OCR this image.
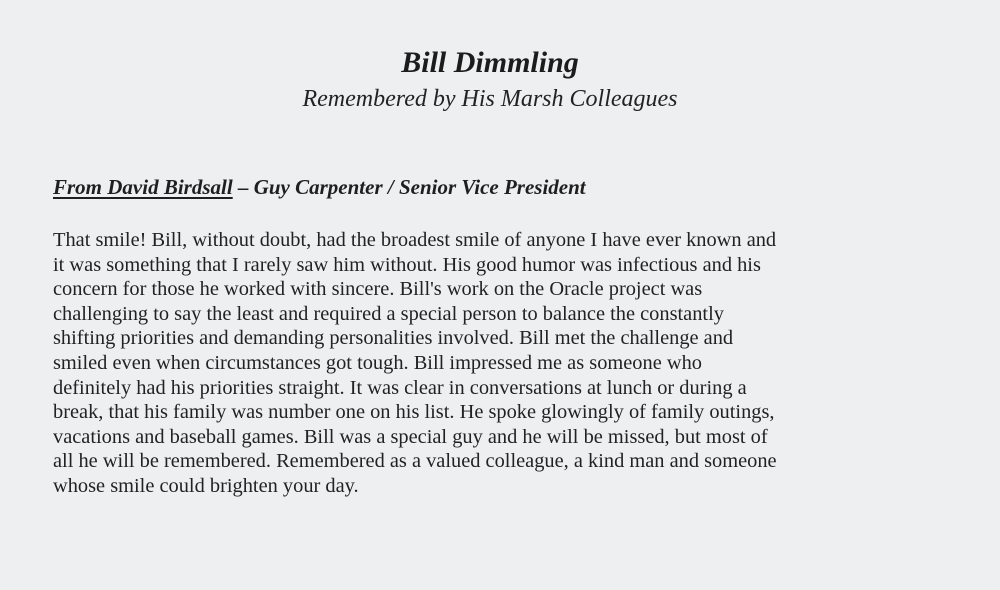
Bill Dimmling
Remembered by His Marsh Colleagues
From David Birdsall – Guy Carpenter / Senior Vice President
That smile! Bill, without doubt, had the broadest smile of anyone I have ever known and
it was something that I rarely saw him without. His good humor was infectious and his
concern for those he worked with sincere. Bill's work on the Oracle project was
challenging to say the least and required a special person to balance the constantly
shifting priorities and demanding personalities involved. Bill met the challenge and
smiled even when circumstances got tough. Bill impressed me as someone who
definitely had his priorities straight. It was clear in conversations at lunch or during a
break, that his family was number one on his list. He spoke glowingly of family outings,
vacations and baseball games. Bill was a special guy and he will be missed, but most of
all he will be remembered. Remembered as a valued colleague, a kind man and someone
whose smile could brighten your day.
